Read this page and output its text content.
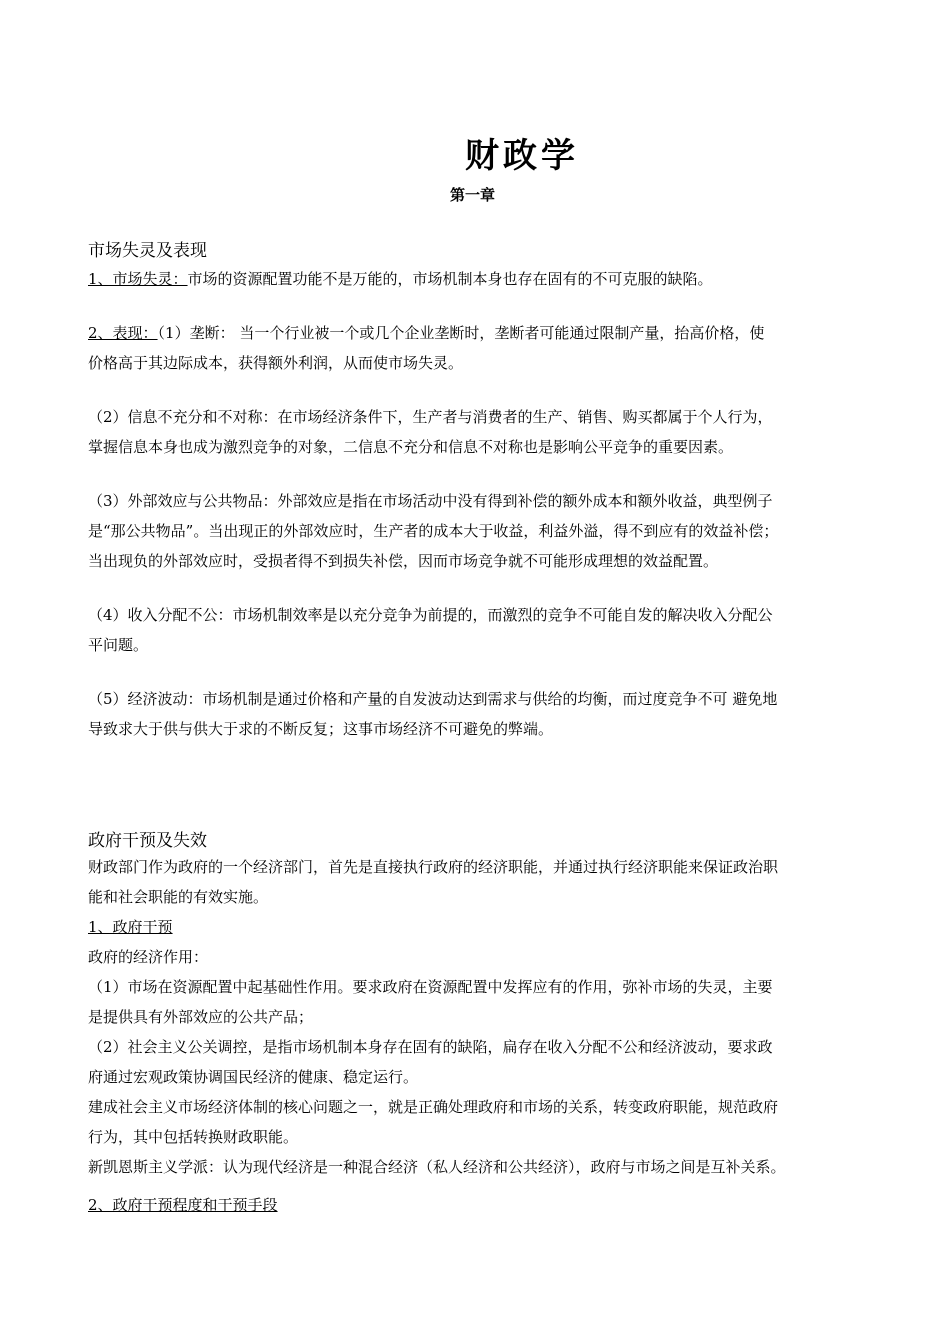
财政学
第一章
市场失灵及表现
1、市场失灵：市场的资源配置功能不是万能的，市场机制本身也存在固有的不可克服的缺陷。
2、表现：（1）垄断： 当一个行业被一个或几个企业垄断时，垄断者可能通过限制产量，抬高价格，使
价格高于其边际成本，获得额外利润，从而使市场失灵。
（2）信息不充分和不对称：在市场经济条件下，生产者与消费者的生产、销售、购买都属于个人行为，
掌握信息本身也成为激烈竞争的对象，二信息不充分和信息不对称也是影响公平竞争的重要因素。
（3）外部效应与公共物品：外部效应是指在市场活动中没有得到补偿的额外成本和额外收益，典型例子
是“那公共物品”。当出现正的外部效应时，生产者的成本大于收益，利益外溢，得不到应有的效益补偿；
当出现负的外部效应时，受损者得不到损失补偿，因而市场竞争就不可能形成理想的效益配置。
（4）收入分配不公：市场机制效率是以充分竞争为前提的，而激烈的竞争不可能自发的解决收入分配公
平问题。
（5）经济波动：市场机制是通过价格和产量的自发波动达到需求与供给的均衡，而过度竞争不可 避免地
导致求大于供与供大于求的不断反复；这事市场经济不可避免的弊端。
政府干预及失效
财政部门作为政府的一个经济部门，首先是直接执行政府的经济职能，并通过执行经济职能来保证政治职
能和社会职能的有效实施。
1、政府干预
政府的经济作用：
（1）市场在资源配置中起基础性作用。要求政府在资源配置中发挥应有的作用，弥补市场的失灵，主要
是提供具有外部效应的公共产品；
（2）社会主义公关调控，是指市场机制本身存在固有的缺陷，扁存在收入分配不公和经济波动，要求政
府通过宏观政策协调国民经济的健康、稳定运行。
建成社会主义市场经济体制的核心问题之一，就是正确处理政府和市场的关系，转变政府职能，规范政府
行为，其中包括转换财政职能。
新凯恩斯主义学派：认为现代经济是一种混合经济（私人经济和公共经济），政府与市场之间是互补关系。
2、政府干预程度和干预手段
